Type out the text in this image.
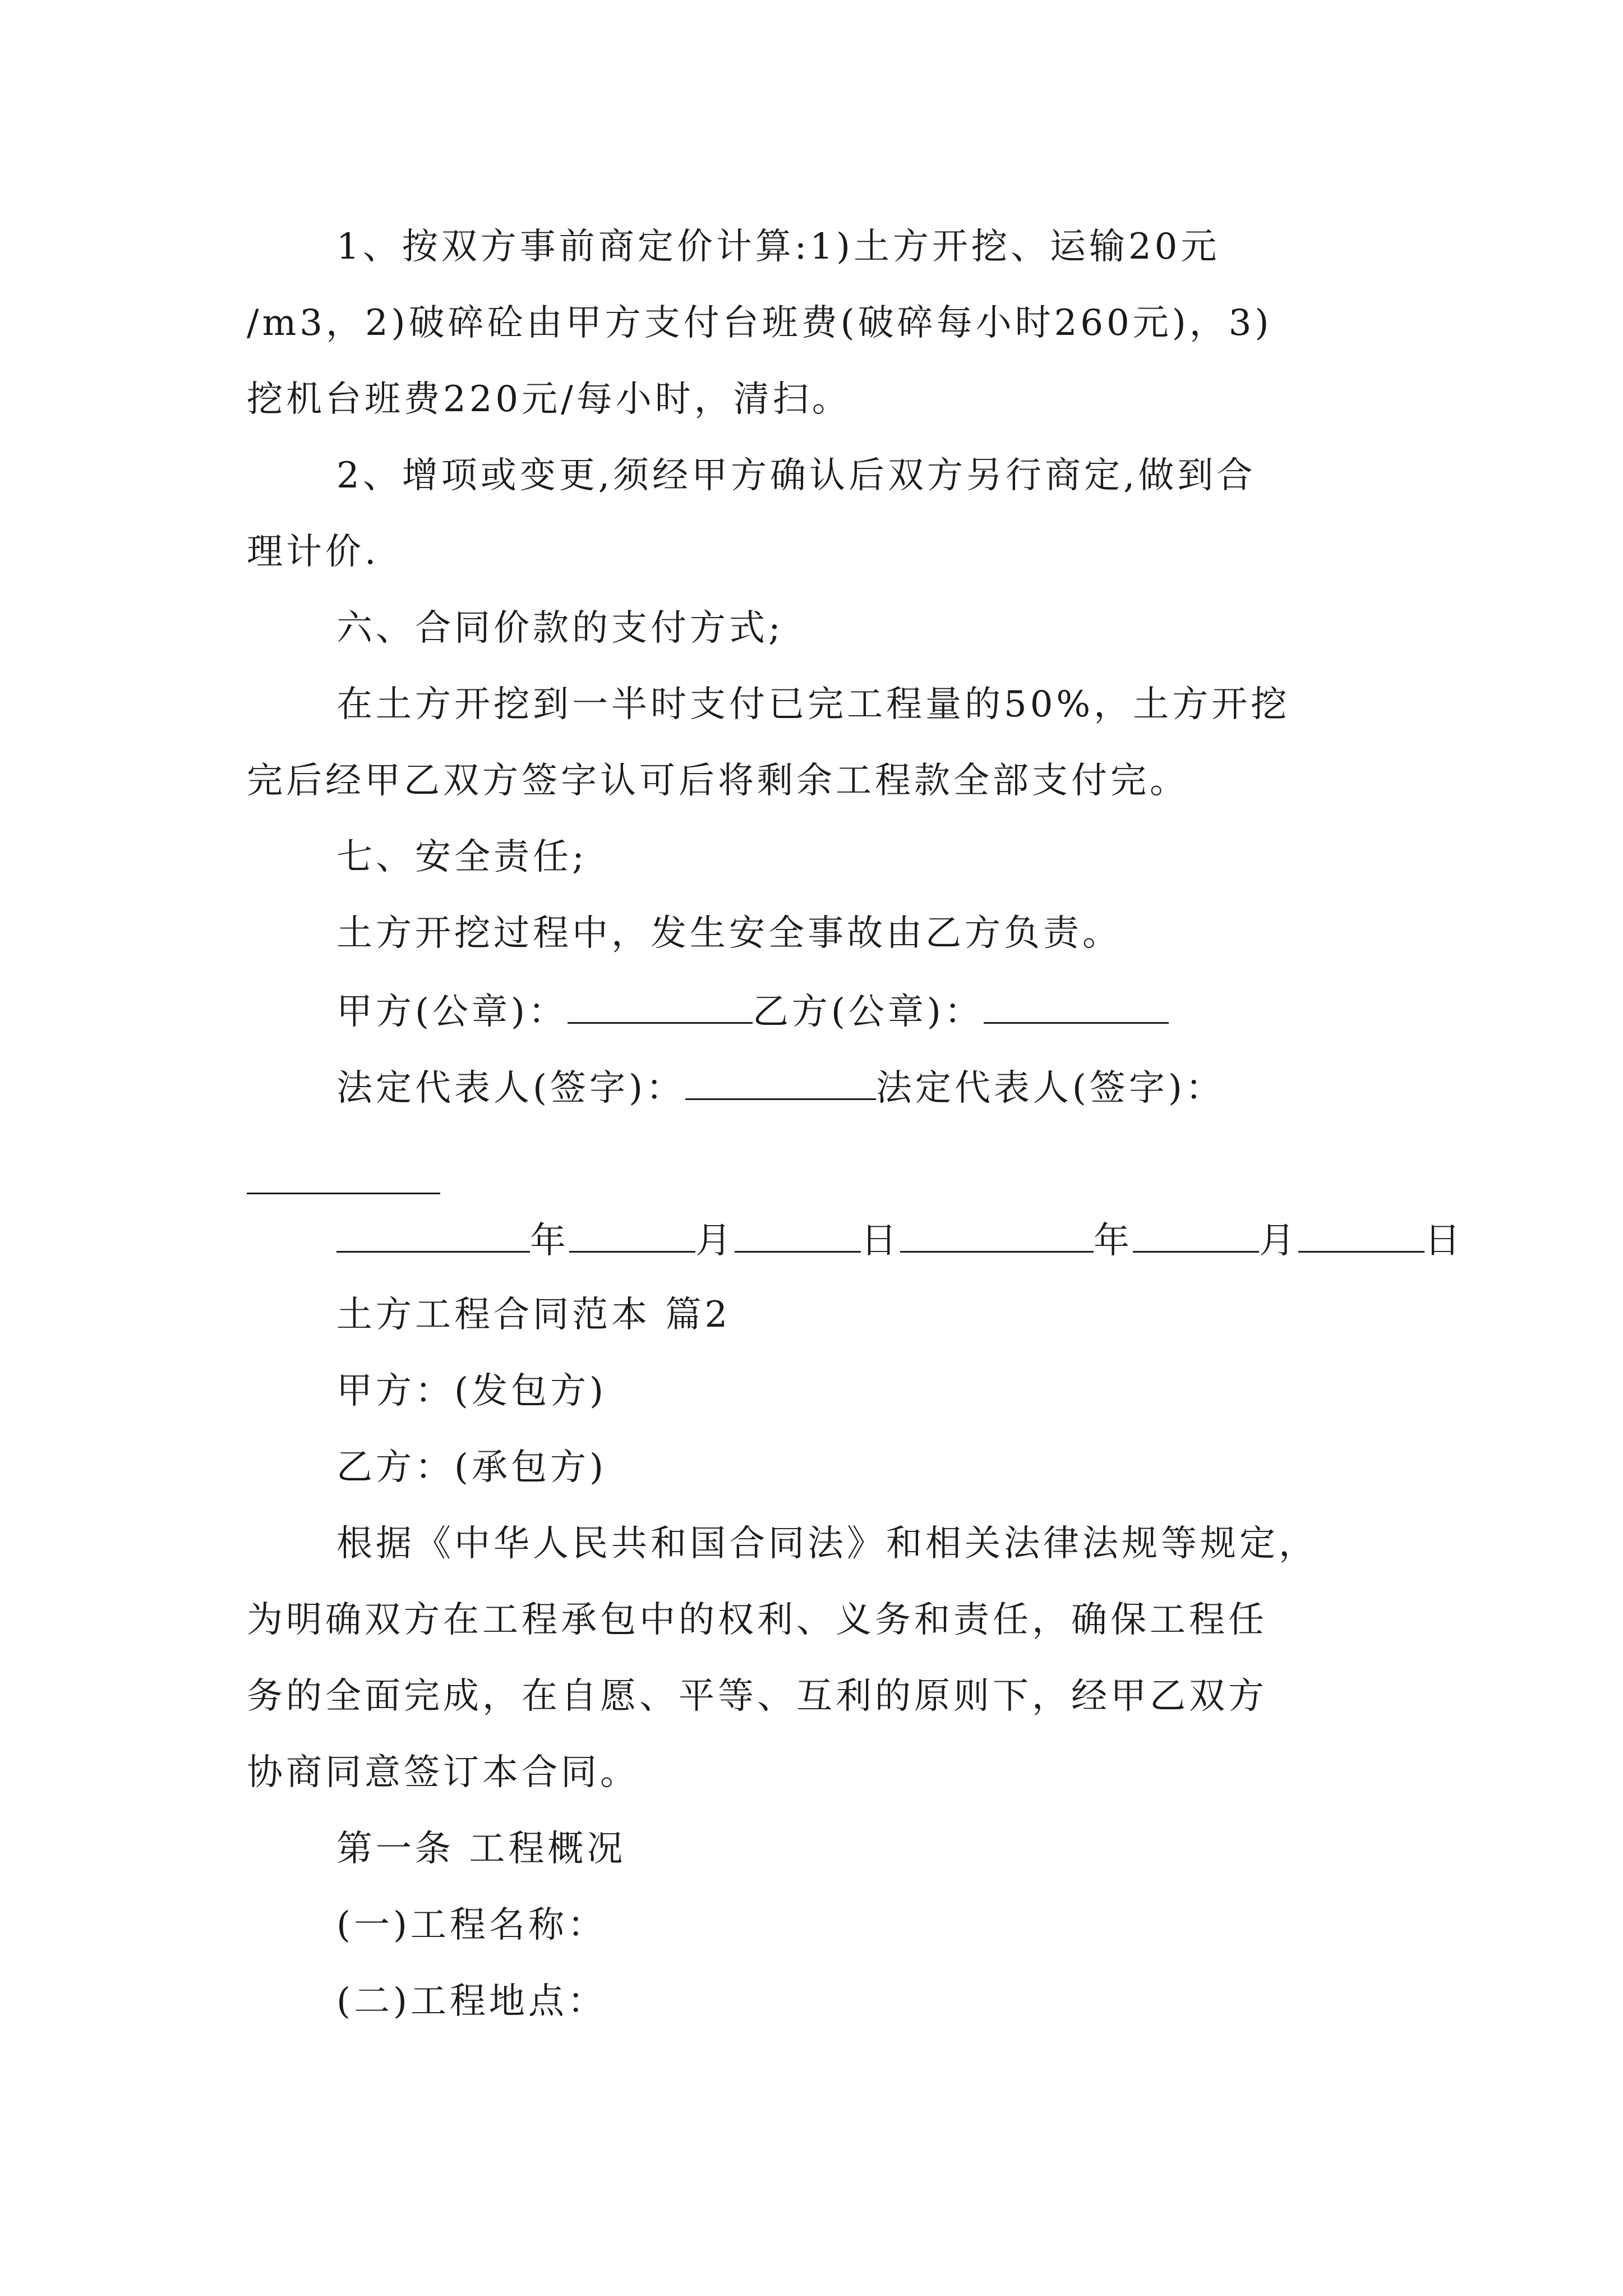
1、按双方事前商定价计算:1)土方开挖、运输20元
/m3，2)破碎砼由甲方支付台班费(破碎每小时260元)，3)
挖机台班费220元/每小时，清扫。
2、增项或变更,须经甲方确认后双方另行商定,做到合
理计价.
六、合同价款的支付方式;
在土方开挖到一半时支付已完工程量的50%，土方开挖
完后经甲乙双方签字认可后将剩余工程款全部支付完。
七、安全责任;
土方开挖过程中，发生安全事故由乙方负责。
甲方(公章)：	乙方(公章)：
法定代表人(签字)：	法定代表人(签字)：
年	月	日	年	月	日
土方工程合同范本 篇2
甲方：(发包方)
乙方：(承包方)
根据《中华人民共和国合同法》和相关法律法规等规定，
为明确双方在工程承包中的权利、义务和责任，确保工程任
务的全面完成，在自愿、平等、互利的原则下，经甲乙双方
协商同意签订本合同。
第一条 工程概况
(一)工程名称：
(二)工程地点：
